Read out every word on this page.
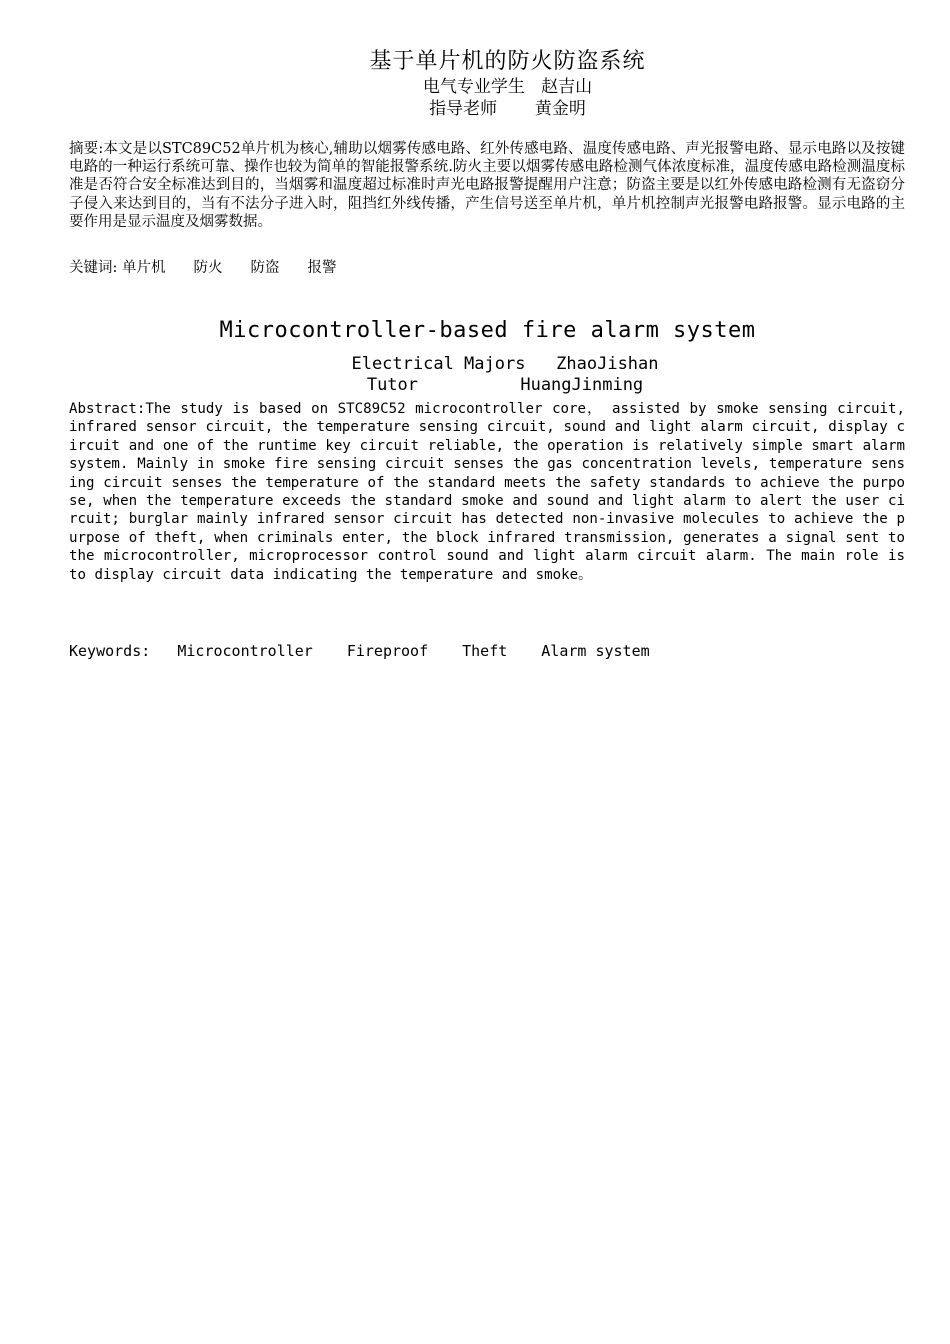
基于单片机的防火防盗系统
电气专业学生   赵吉山
指导老师       黄金明
摘要:本文是以STC89C52单片机为核心,辅助以烟雾传感电路、红外传感电路、温度传感电路、声光报警电路、显示电路以及按键电路的一种运行系统可靠、操作也较为简单的智能报警系统.防火主要以烟雾传感电路检测气体浓度标准，温度传感电路检测温度标准是否符合安全标准达到目的，当烟雾和温度超过标准时声光电路报警提醒用户注意；防盗主要是以红外传感电路检测有无盗窃分子侵入来达到目的，当有不法分子进入时，阻挡红外线传播，产生信号送至单片机，单片机控制声光报警电路报警。显示电路的主要作用是显示温度及烟雾数据。
关键词: 单片机 防火 防盗 报警
Microcontroller-based fire alarm system
Electrical Majors   ZhaoJishan
Tutor          HuangJinming
Abstract:The study is based on STC89C52 microcontroller core， assisted by smoke sensing circuit, infrared sensor circuit, the temperature sensing circuit, sound and light alarm circuit, display circuit and one of the runtime key circuit reliable, the operation is relatively simple smart alarm system. Mainly in smoke fire sensing circuit senses the gas concentration levels, temperature sensing circuit senses the temperature of the standard meets the safety standards to achieve the purpose, when the temperature exceeds the standard smoke and sound and light alarm to alert the user circuit; burglar mainly infrared sensor circuit has detected non-invasive molecules to achieve the purpose of theft, when criminals enter, the block infrared transmission, generates a signal sent to the microcontroller, microprocessor control sound and light alarm circuit alarm. The main role is to display circuit data indicating the temperature and smoke。
Keywords: Microcontroller Fireproof Theft Alarm system
